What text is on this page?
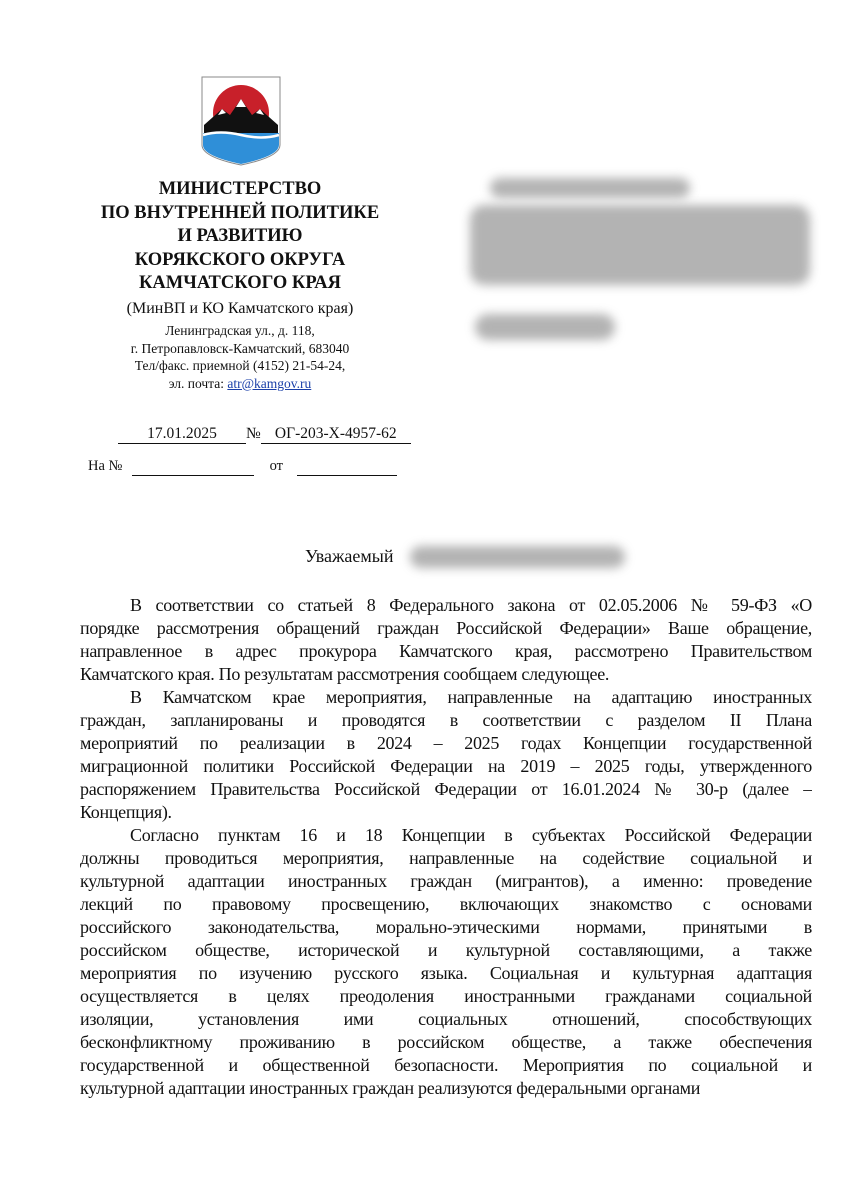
МИНИСТЕРСТВО
ПО ВНУТРЕННЕЙ ПОЛИТИКЕ
И РАЗВИТИЮ
КОРЯКСКОГО ОКРУГА
КАМЧАТСКОГО КРАЯ
(МинВП и КО Камчатского края)
Ленинградская ул., д. 118,
г. Петропавловск-Камчатский, 683040
Тел/факс. приемной (4152) 21-54-24,
эл. почта: atr@kamgov.ru
17.01.2025 № ОГ-203-Х-4957-62
На №	от
Уважаемый
В соответствии со статьей 8 Федерального закона от 02.05.2006 № 59-ФЗ «О
порядке рассмотрения обращений граждан Российской Федерации» Ваше обращение,
направленное в адрес прокурора Камчатского края, рассмотрено Правительством
Камчатского края. По результатам рассмотрения сообщаем следующее.
В Камчатском крае мероприятия, направленные на адаптацию иностранных
граждан, запланированы и проводятся в соответствии с разделом II Плана
мероприятий по реализации в 2024 – 2025 годах Концепции государственной
миграционной политики Российской Федерации на 2019 – 2025 годы, утвержденного
распоряжением Правительства Российской Федерации от 16.01.2024 № 30-р (далее –
Концепция).
Согласно пунктам 16 и 18 Концепции в субъектах Российской Федерации
должны проводиться мероприятия, направленные на содействие социальной и
культурной адаптации иностранных граждан (мигрантов), а именно: проведение
лекций по правовому просвещению, включающих знакомство с основами
российского законодательства, морально-этическими нормами, принятыми в
российском обществе, исторической и культурной составляющими, а также
мероприятия по изучению русского языка. Социальная и культурная адаптация
осуществляется в целях преодоления иностранными гражданами социальной
изоляции, установления ими социальных отношений, способствующих
бесконфликтному проживанию в российском обществе, а также обеспечения
государственной и общественной безопасности. Мероприятия по социальной и
культурной адаптации иностранных граждан реализуются федеральными органами
